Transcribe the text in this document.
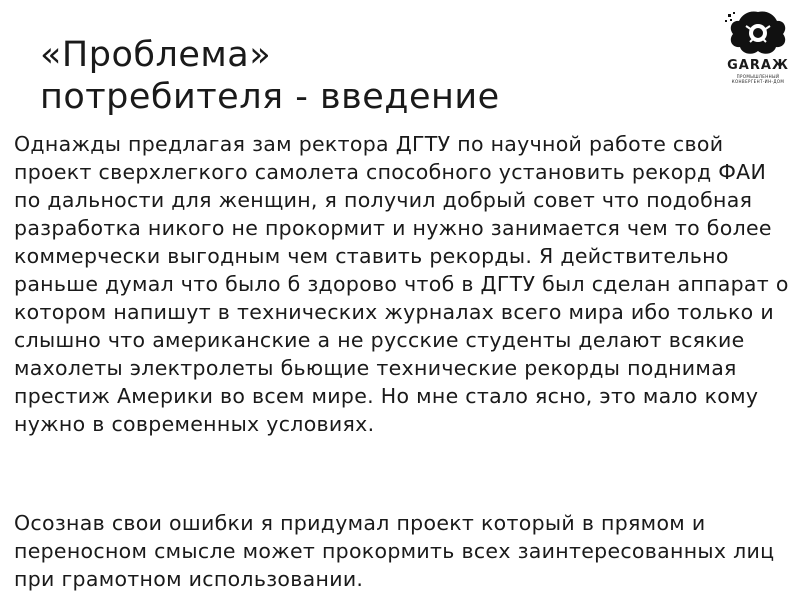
«Проблема»
потребителя - введение
GARAЖ
ПРОМЫШЛЕННЫЙ
КОНВЕРГЕНТ-ИН-ДОМ

Однажды предлагая зам ректора ДГТУ по научной работе свой проект сверхлегкого самолета способного установить рекорд ФАИ по дальности для женщин, я получил добрый совет что подобная разработка никого не прокормит и нужно занимается чем то более коммерчески выгодным чем ставить рекорды. Я действительно раньше думал что было б здорово чтоб в ДГТУ был сделан аппарат о котором напишут в технических журналах всего мира ибо только и слышно что американские а не русские студенты делают всякие махолеты электролеты бьющие технические рекорды поднимая престиж Америки во всем мире. Но мне стало ясно, это мало кому нужно в современных условиях.

Осознав свои ошибки я придумал проект который в прямом и переносном смысле может прокормить всех заинтересованных лиц при грамотном использовании.
